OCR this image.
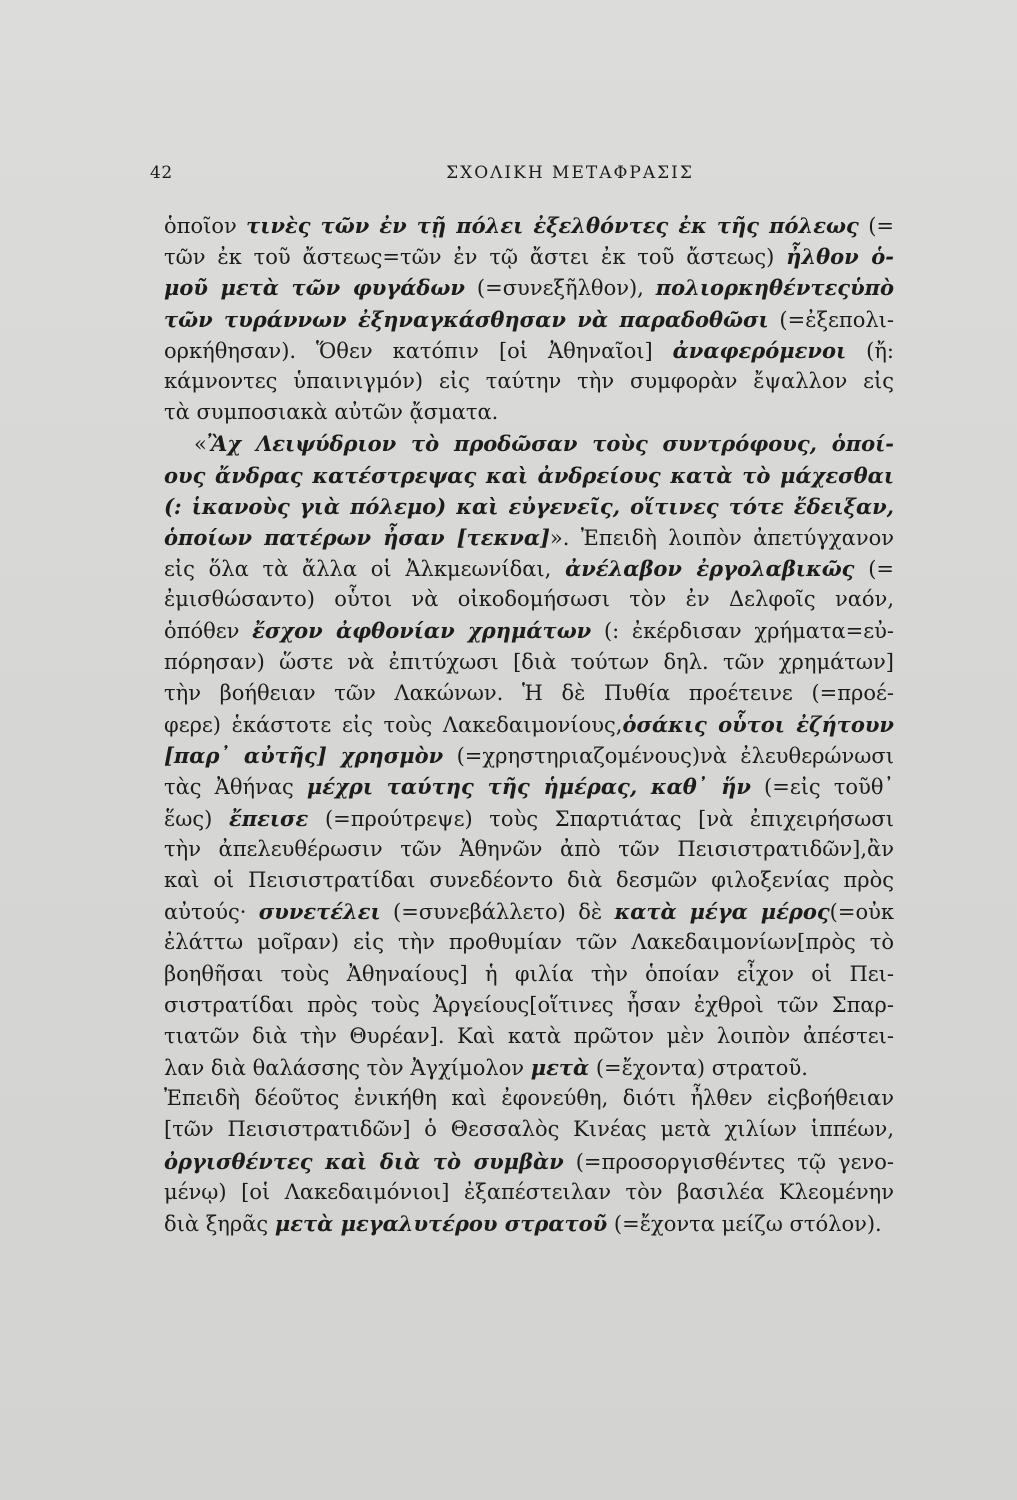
42	ΣΧΟΛΙΚΗ ΜΕΤΑΦΡΑΣΙΣ
ὁποῖον τινὲς τῶν ἐν τῇ πόλει ἐξελθόντες ἐκ τῆς πόλεως (=
τῶν ἐκ τοῦ ἄστεως=τῶν ἐν τῷ ἄστει ἐκ τοῦ ἄστεως) ἦλθον ὁ-
μοῦ μετὰ τῶν φυγάδων (=συνεξῆλθον), πολιορκηθέντεςὑπὸ
τῶν τυράννων ἐξηναγκάσθησαν νὰ παραδοθῶσι (=ἐξεπολι-
ορκήθησαν). Ὅθεν κατόπιν [οἱ Ἀθηναῖοι] ἀναφερόμενοι (ἤ:
κάμνοντες ὑπαινιγμόν) εἰς ταύτην τὴν συμφορὰν ἔψαλλον εἰς
τὰ συμποσιακὰ αὐτῶν ᾄσματα.
«Ἂχ Λειψύδριον τὸ προδῶσαν τοὺς συντρόφους, ὁποί-
ους ἄνδρας κατέστρεψας καὶ ἀνδρείους κατὰ τὸ μάχεσθαι
(: ἱκανοὺς γιὰ πόλεμο) καὶ εὐγενεῖς, οἵτινες τότε ἔδειξαν,
ὁποίων πατέρων ἦσαν [τεκνα]». Ἐπειδὴ λοιπὸν ἀπετύγχανον
εἰς ὅλα τὰ ἄλλα οἱ Ἀλκμεωνίδαι, ἀνέλαβον ἐργολαβικῶς (=
ἐμισθώσαντο) οὗτοι νὰ οἰκοδομήσωσι τὸν ἐν Δελφοῖς ναόν,
ὁπόθεν ἔσχον ἀφθονίαν χρημάτων (: ἐκέρδισαν χρήματα=εὐ-
πόρησαν) ὥστε νὰ ἐπιτύχωσι [διὰ τούτων δηλ. τῶν χρημάτων]
τὴν βοήθειαν τῶν Λακώνων. Ἡ δὲ Πυθία προέτεινε (=προέ-
φερε) ἑκάστοτε εἰς τοὺς Λακεδαιμονίους,ὁσάκις οὗτοι ἐζήτουν
[παρ᾽ αὐτῆς] χρησμὸν (=χρηστηριαζομένους)νὰ ἐλευθερώνωσι
τὰς Ἀθήνας μέχρι ταύτης τῆς ἡμέρας, καθ᾽ ἥν (=εἰς τοῦθ᾽
ἕως) ἔπεισε (=προύτρεψε) τοὺς Σπαρτιάτας [νὰ ἐπιχειρήσωσι
τὴν ἀπελευθέρωσιν τῶν Ἀθηνῶν ἀπὸ τῶν Πεισιστρατιδῶν],ἂν
καὶ οἱ Πεισιστρατίδαι συνεδέοντο διὰ δεσμῶν φιλοξενίας πρὸς
αὐτούς· συνετέλει (=συνεβάλλετο) δὲ κατὰ μέγα μέρος(=οὐκ
ἐλάττω μοῖραν) εἰς τὴν προθυμίαν τῶν Λακεδαιμονίων[πρὸς τὸ
βοηθῆσαι τοὺς Ἀθηναίους] ἡ φιλία τὴν ὁποίαν εἶχον οἱ Πει-
σιστρατίδαι πρὸς τοὺς Ἀργείους[οἵτινες ἦσαν ἐχθροὶ τῶν Σπαρ-
τιατῶν διὰ τὴν Θυρέαν]. Καὶ κατὰ πρῶτον μὲν λοιπὸν ἀπέστει-
λαν διὰ θαλάσσης τὸν Ἀγχίμολον μετὰ (=ἔχοντα) στρατοῦ.
Ἐπειδὴ δέοῦτος ἐνικήθη καὶ ἐφονεύθη, διότι ἦλθεν εἰςβοήθειαν
[τῶν Πεισιστρατιδῶν] ὁ Θεσσαλὸς Κινέας μετὰ χιλίων ἱππέων,
ὀργισθέντες καὶ διὰ τὸ συμβὰν (=προσοργισθέντες τῷ γενο-
μένῳ) [οἱ Λακεδαιμόνιοι] ἐξαπέστειλαν τὸν βασιλέα Κλεομένην
διὰ ξηρᾶς μετὰ μεγαλυτέρου στρατοῦ (=ἔχοντα μείζω στόλον).
